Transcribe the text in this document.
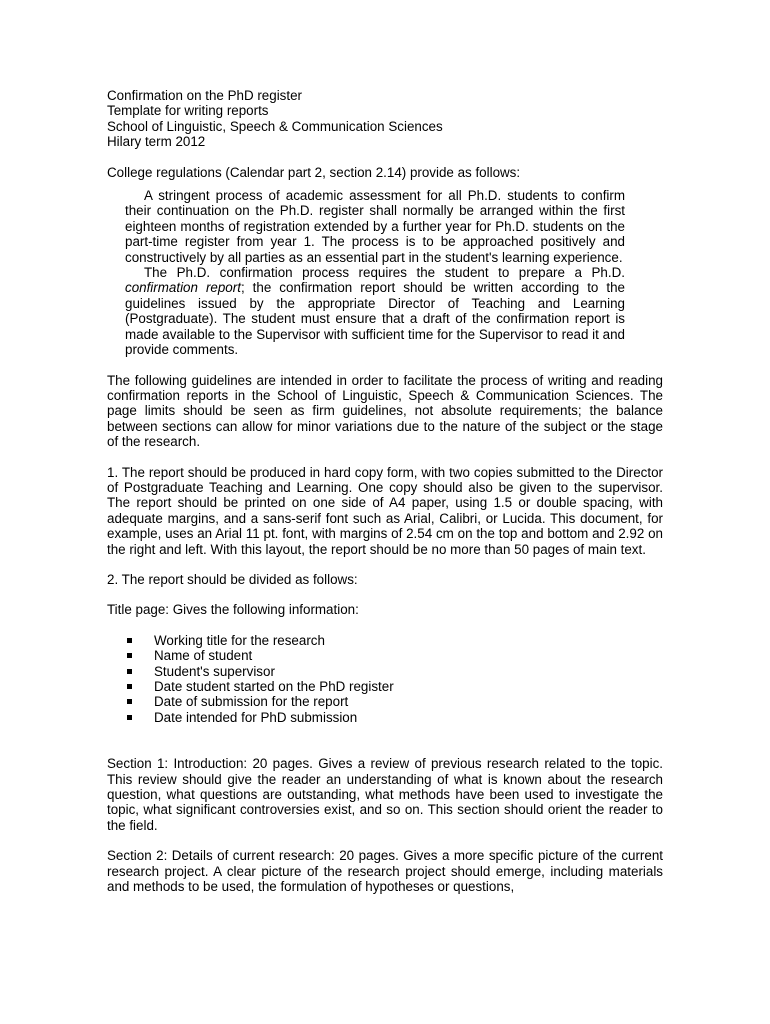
Confirmation on the PhD register
Template for writing reports
School of Linguistic, Speech & Communication Sciences
Hilary term 2012

College regulations (Calendar part 2, section 2.14) provide as follows:

A stringent process of academic assessment for all Ph.D. students to confirm their continuation on the Ph.D. register shall normally be arranged within the first eighteen months of registration extended by a further year for Ph.D. students on the part-time register from year 1. The process is to be approached positively and constructively by all parties as an essential part in the student's learning experience.

The Ph.D. confirmation process requires the student to prepare a Ph.D. confirmation report; the confirmation report should be written according to the guidelines issued by the appropriate Director of Teaching and Learning (Postgraduate). The student must ensure that a draft of the confirmation report is made available to the Supervisor with sufficient time for the Supervisor to read it and provide comments.

The following guidelines are intended in order to facilitate the process of writing and reading confirmation reports in the School of Linguistic, Speech & Communication Sciences. The page limits should be seen as firm guidelines, not absolute requirements; the balance between sections can allow for minor variations due to the nature of the subject or the stage of the research.

1. The report should be produced in hard copy form, with two copies submitted to the Director of Postgraduate Teaching and Learning. One copy should also be given to the supervisor. The report should be printed on one side of A4 paper, using 1.5 or double spacing, with adequate margins, and a sans-serif font such as Arial, Calibri, or Lucida. This document, for example, uses an Arial 11 pt. font, with margins of 2.54 cm on the top and bottom and 2.92 on the right and left. With this layout, the report should be no more than 50 pages of main text.

2. The report should be divided as follows:

Title page: Gives the following information:

Working title for the research
Name of student
Student's supervisor
Date student started on the PhD register
Date of submission for the report
Date intended for PhD submission

Section 1: Introduction: 20 pages. Gives a review of previous research related to the topic. This review should give the reader an understanding of what is known about the research question, what questions are outstanding, what methods have been used to investigate the topic, what significant controversies exist, and so on. This section should orient the reader to the field.

Section 2: Details of current research: 20 pages. Gives a more specific picture of the current research project. A clear picture of the research project should emerge, including materials and methods to be used, the formulation of hypotheses or questions,
